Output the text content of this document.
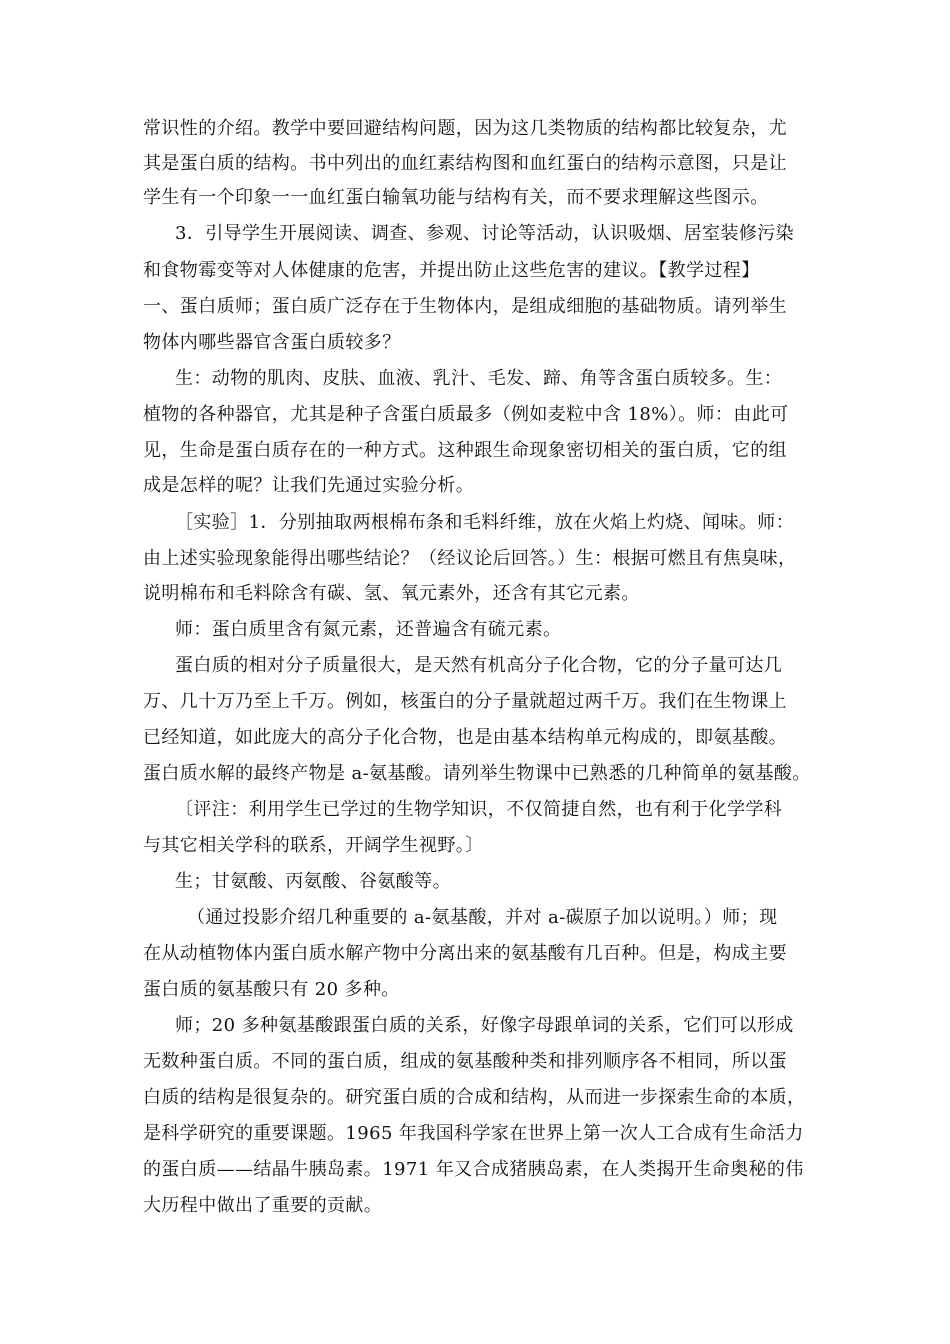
常识性的介绍。教学中要回避结构问题，因为这几类物质的结构都比较复杂，尤
其是蛋白质的结构。书中列出的血红素结构图和血红蛋白的结构示意图，只是让
学生有一个印象一一血红蛋白输氧功能与结构有关，而不要求理解这些图示。
3．引导学生开展阅读、调查、参观、讨论等活动，认识吸烟、居室装修污染
和食物霉变等对人体健康的危害，并提出防止这些危害的建议。【教学过程】
一、蛋白质师；蛋白质广泛存在于生物体内，是组成细胞的基础物质。请列举生
物体内哪些器官含蛋白质较多？
生：动物的肌肉、皮肤、血液、乳汁、毛发、蹄、角等含蛋白质较多。生：
植物的各种器官，尤其是种子含蛋白质最多（例如麦粒中含 18%）。师：由此可
见，生命是蛋白质存在的一种方式。这种跟生命现象密切相关的蛋白质，它的组
成是怎样的呢？让我们先通过实验分析。
［实验］1．分别抽取两根棉布条和毛料纤维，放在火焰上灼烧、闻味。师：
由上述实验现象能得出哪些结论？（经议论后回答。）生：根据可燃且有焦臭味，
说明棉布和毛料除含有碳、氢、氧元素外，还含有其它元素。
师：蛋白质里含有氮元素，还普遍含有硫元素。
蛋白质的相对分子质量很大，是天然有机高分子化合物，它的分子量可达几
万、几十万乃至上千万。例如，核蛋白的分子量就超过两千万。我们在生物课上
已经知道，如此庞大的高分子化合物，也是由基本结构单元构成的，即氨基酸。
蛋白质水解的最终产物是 a-氨基酸。请列举生物课中已熟悉的几种简单的氨基酸。
〔评注：利用学生已学过的生物学知识，不仅简捷自然，也有利于化学学科
与其它相关学科的联系，开阔学生视野。〕
生；甘氨酸、丙氨酸、谷氨酸等。
（通过投影介绍几种重要的 a-氨基酸，并对 a-碳原子加以说明。）师；现
在从动植物体内蛋白质水解产物中分离出来的氨基酸有几百种。但是，构成主要
蛋白质的氨基酸只有 20 多种。
师；20 多种氨基酸跟蛋白质的关系，好像字母跟单词的关系，它们可以形成
无数种蛋白质。不同的蛋白质，组成的氨基酸种类和排列顺序各不相同，所以蛋
白质的结构是很复杂的。研究蛋白质的合成和结构，从而进一步探索生命的本质，
是科学研究的重要课题。1965 年我国科学家在世界上第一次人工合成有生命活力
的蛋白质——结晶牛胰岛素。1971 年又合成猪胰岛素，在人类揭开生命奥秘的伟
大历程中做出了重要的贡献。
